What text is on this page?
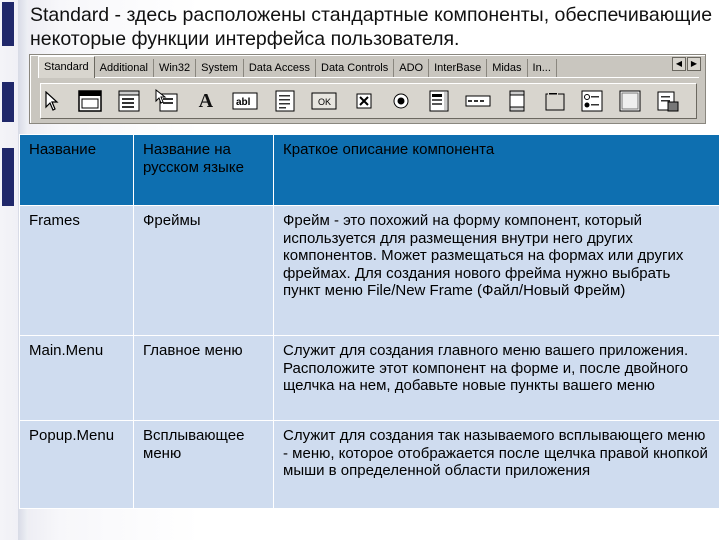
Standard - здесь расположены стандартные компоненты, обеспечивающие некоторые функции интерфейса пользователя.
Standard	Additional	Win32	System	Data Access	Data Controls	ADO	InterBase	Midas	In...	◀	▶
A	abl	OK
Название	Название на русском языке	Краткое описание компонента
Frames	Фреймы	Фрейм - это похожий на форму компонент, который используется для размещения внутри него других компонентов. Может размещаться на формах или других фреймах. Для создания нового фрейма нужно выбрать пункт меню File/New Frame (Файл/Новый Фрейм)
Main.Menu	Главное меню	Служит для создания главного меню вашего приложения. Расположите этот компонент на форме и, после двойного щелчка на нем, добавьте новые пункты вашего меню
Popup.Menu	Всплывающее меню	Служит для создания так называемого всплывающего меню - меню, которое отображается после щелчка правой кнопкой мыши в определенной области приложения
